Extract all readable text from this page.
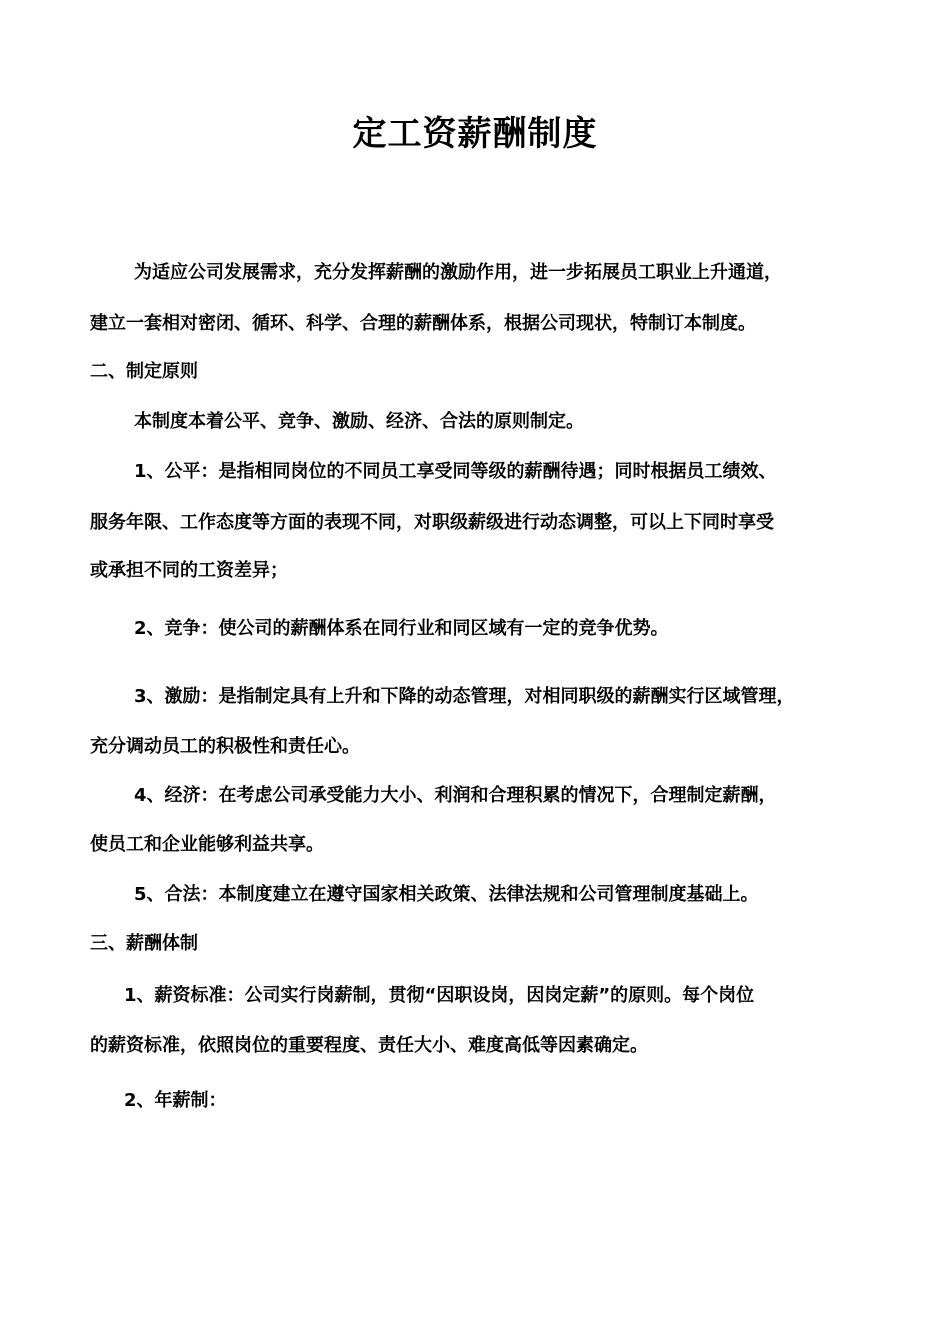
定工资薪酬制度
为适应公司发展需求，充分发挥薪酬的激励作用，进一步拓展员工职业上升通道，
建立一套相对密闭、循环、科学、合理的薪酬体系，根据公司现状，特制订本制度。
二、制定原则
本制度本着公平、竞争、激励、经济、合法的原则制定。
1、公平：是指相同岗位的不同员工享受同等级的薪酬待遇；同时根据员工绩效、
服务年限、工作态度等方面的表现不同，对职级薪级进行动态调整，可以上下同时享受
或承担不同的工资差异；
2、竞争：使公司的薪酬体系在同行业和同区域有一定的竞争优势。
3、激励：是指制定具有上升和下降的动态管理，对相同职级的薪酬实行区域管理，
充分调动员工的积极性和责任心。
4、经济：在考虑公司承受能力大小、利润和合理积累的情况下，合理制定薪酬，
使员工和企业能够利益共享。
5、合法：本制度建立在遵守国家相关政策、法律法规和公司管理制度基础上。
三、薪酬体制
1、薪资标准：公司实行岗薪制，贯彻“因职设岗，因岗定薪”的原则。每个岗位
的薪资标准，依照岗位的重要程度、责任大小、难度高低等因素确定。
2、年薪制：
